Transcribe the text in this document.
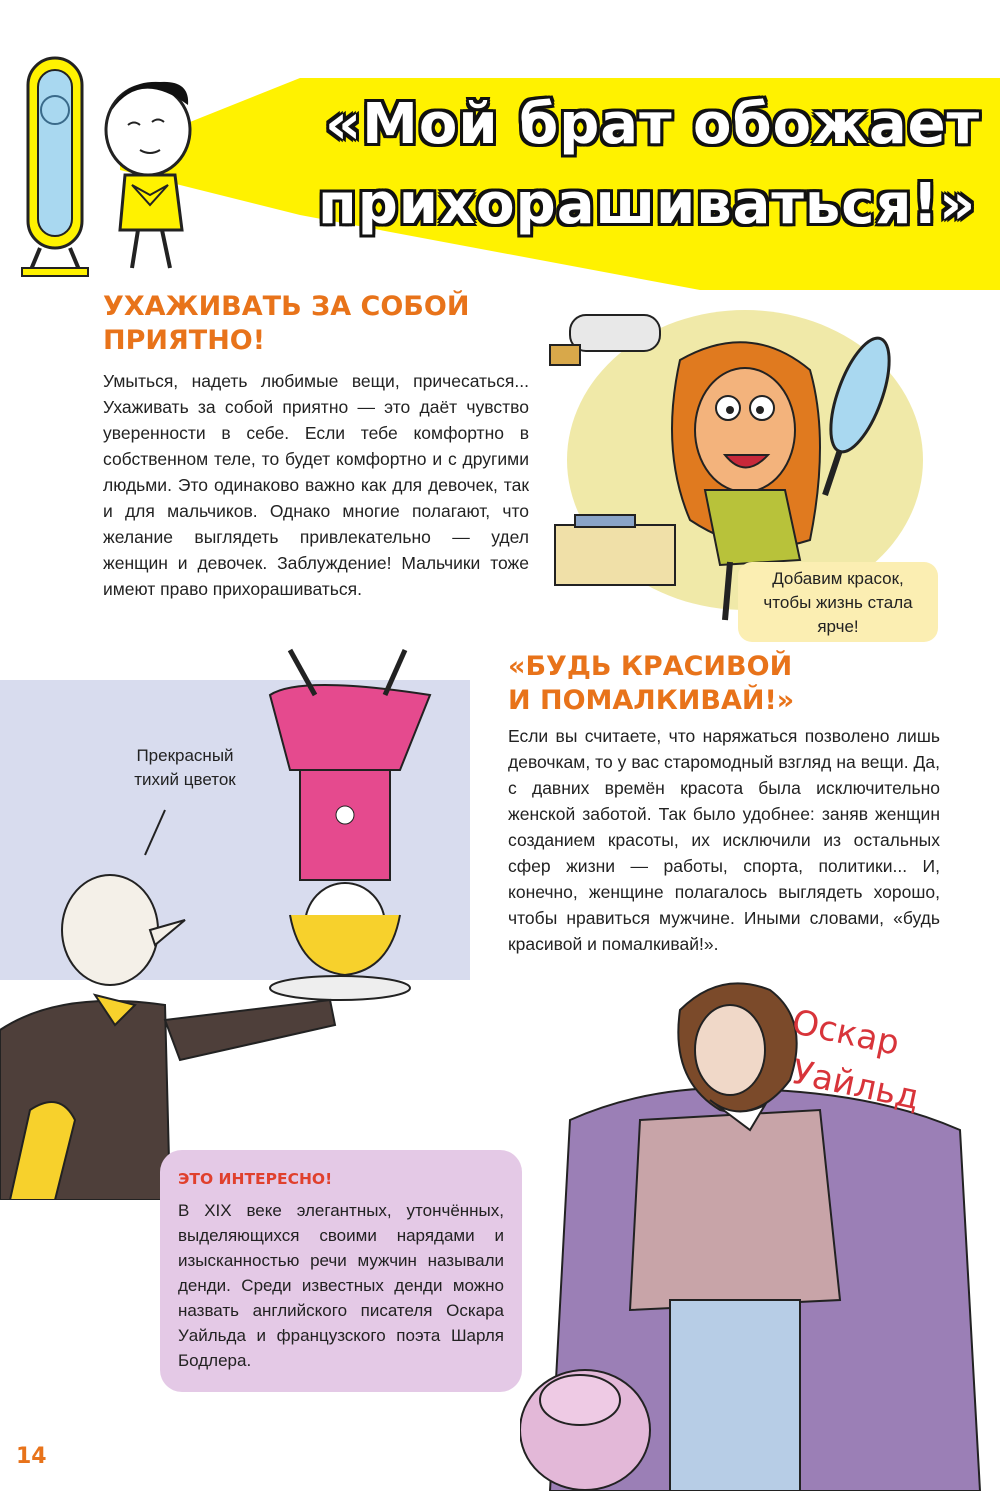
«Мой брат обожает
прихорашиваться!»
УХАЖИВАТЬ ЗА СОБОЙ
ПРИЯТНО!

Умыться, надеть любимые вещи, причесаться... Ухаживать за собой приятно — это даёт чувство уверенности в себе. Если тебе комфортно в собственном теле, то будет комфортно и с другими людьми. Это одинаково важно как для девочек, так и для мальчиков. Однако многие полагают, что желание выглядеть привлекательно — удел женщин и девочек. Заблуждение! Мальчики тоже имеют право прихорашиваться.

Добавим красок,
чтобы жизнь стала
ярче!
Прекрасный
тихий цветок
«БУДЬ КРАСИВОЙ
И ПОМАЛКИВАЙ!»

Если вы считаете, что наряжаться позволено лишь девочкам, то у вас старомодный взгляд на вещи. Да, с давних времён красота была исключительно женской заботой. Так было удобнее: заняв женщин созданием красоты, их исключили из остальных сфер жизни — работы, спорта, политики... И, конечно, женщине полагалось выглядеть хорошо, чтобы нравиться мужчине. Иными словами, «будь красивой и помалкивай!».

Оскар
Уайльд

ЭТО ИНТЕРЕСНО!

В XIX веке элегантных, утончённых, выделяющихся своими нарядами и изысканностью речи мужчин называли денди. Среди известных денди можно назвать английского писателя Оскара Уайльда и французского поэта Шарля Бодлера.

14
